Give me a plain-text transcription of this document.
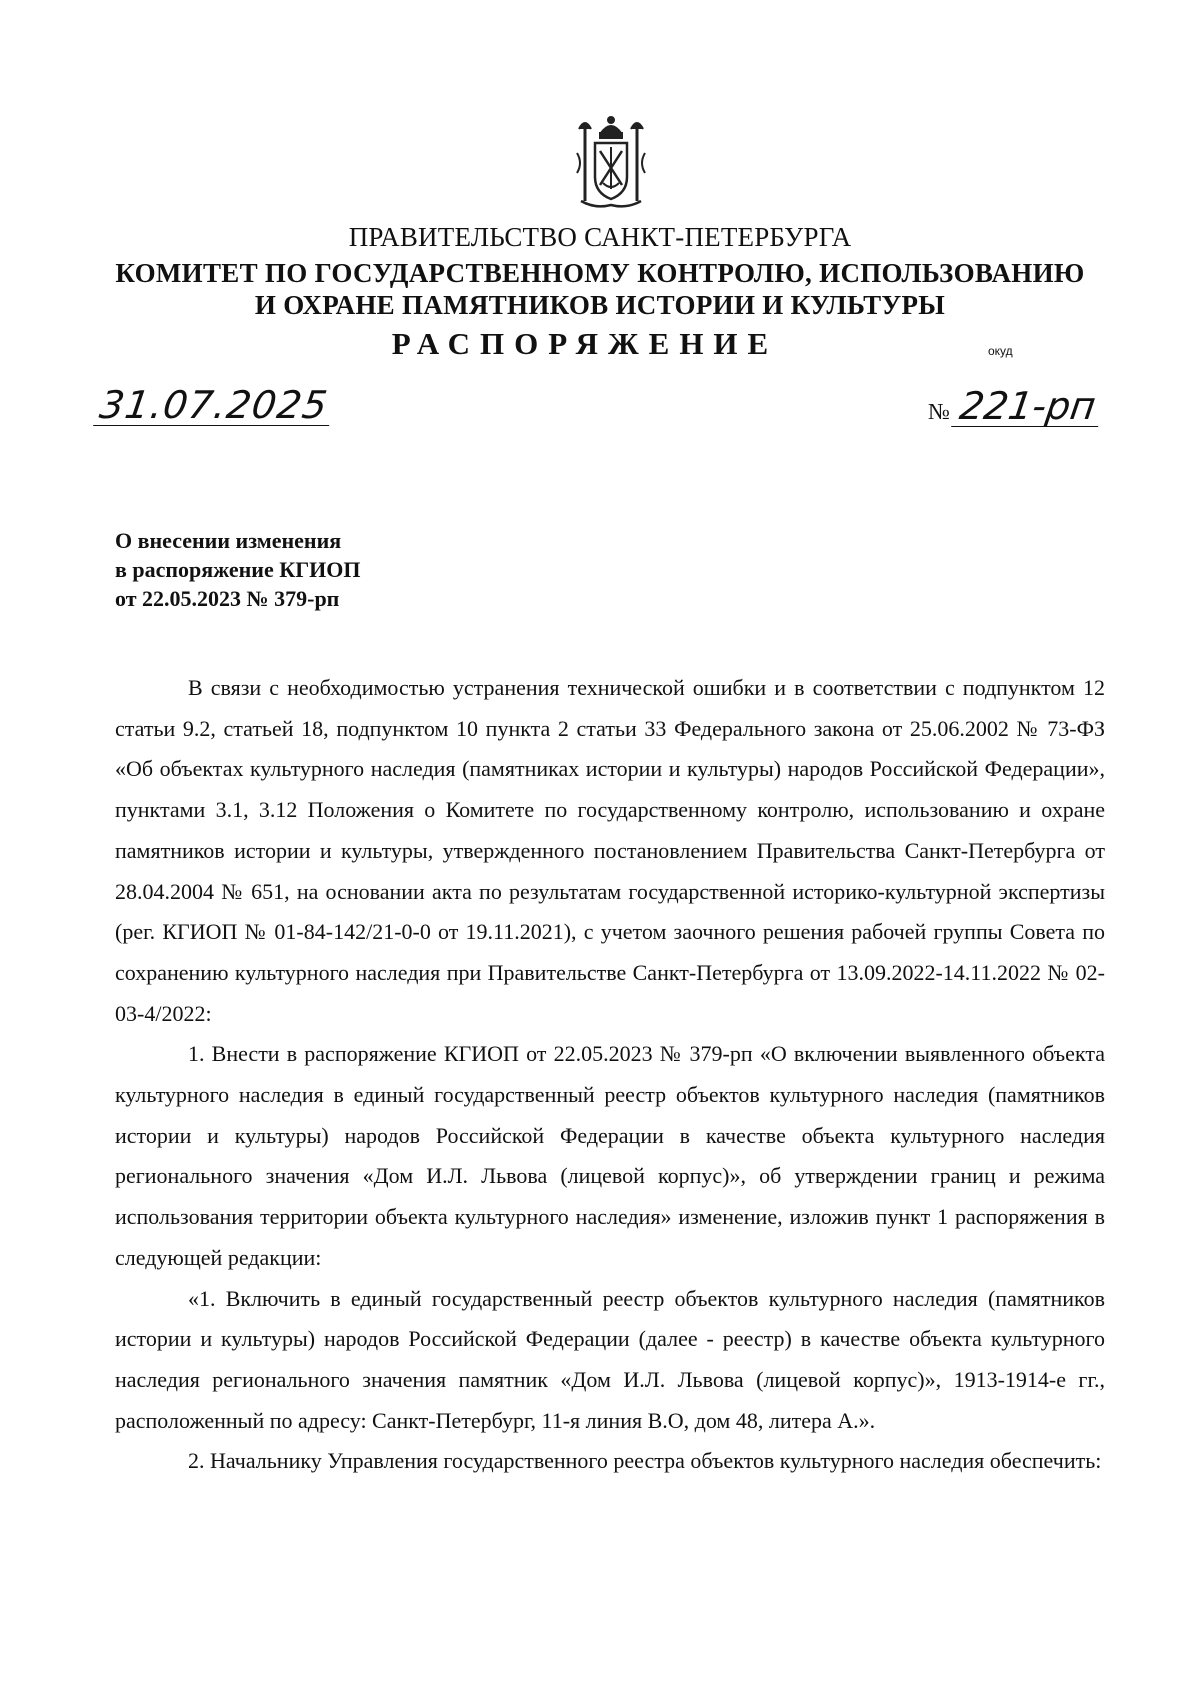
ПРАВИТЕЛЬСТВО САНКТ-ПЕТЕРБУРГА
КОМИТЕТ ПО ГОСУДАРСТВЕННОМУ КОНТРОЛЮ, ИСПОЛЬЗОВАНИЮ
И ОХРАНЕ ПАМЯТНИКОВ ИСТОРИИ И КУЛЬТУРЫ
РАСПОРЯЖЕНИЕ	окуд
31.07.2025	№ 221-рп
О внесении изменения
в распоряжение КГИОП
от 22.05.2023 № 379-рп

В связи с необходимостью устранения технической ошибки и в соответствии с подпунктом 12 статьи 9.2, статьей 18, подпунктом 10 пункта 2 статьи 33 Федерального закона от 25.06.2002 № 73-ФЗ «Об объектах культурного наследия (памятниках истории и культуры) народов Российской Федерации», пунктами 3.1, 3.12 Положения о Комитете по государственному контролю, использованию и охране памятников истории и культуры, утвержденного постановлением Правительства Санкт-Петербурга от 28.04.2004 № 651, на основании акта по результатам государственной историко-культурной экспертизы (рег. КГИОП № 01-84-142/21-0-0 от 19.11.2021), с учетом заочного решения рабочей группы Совета по сохранению культурного наследия при Правительстве Санкт-Петербурга от 13.09.2022-14.11.2022 № 02-03-4/2022:

1. Внести в распоряжение КГИОП от 22.05.2023 № 379-рп «О включении выявленного объекта культурного наследия в единый государственный реестр объектов культурного наследия (памятников истории и культуры) народов Российской Федерации в качестве объекта культурного наследия регионального значения «Дом И.Л. Львова (лицевой корпус)», об утверждении границ и режима использования территории объекта культурного наследия» изменение, изложив пункт 1 распоряжения в следующей редакции:

«1. Включить в единый государственный реестр объектов культурного наследия (памятников истории и культуры) народов Российской Федерации (далее - реестр) в качестве объекта культурного наследия регионального значения памятник «Дом И.Л. Львова (лицевой корпус)», 1913-1914-е гг., расположенный по адресу: Санкт-Петербург, 11-я линия В.О, дом 48, литера А.».

2. Начальнику Управления государственного реестра объектов культурного наследия обеспечить:
